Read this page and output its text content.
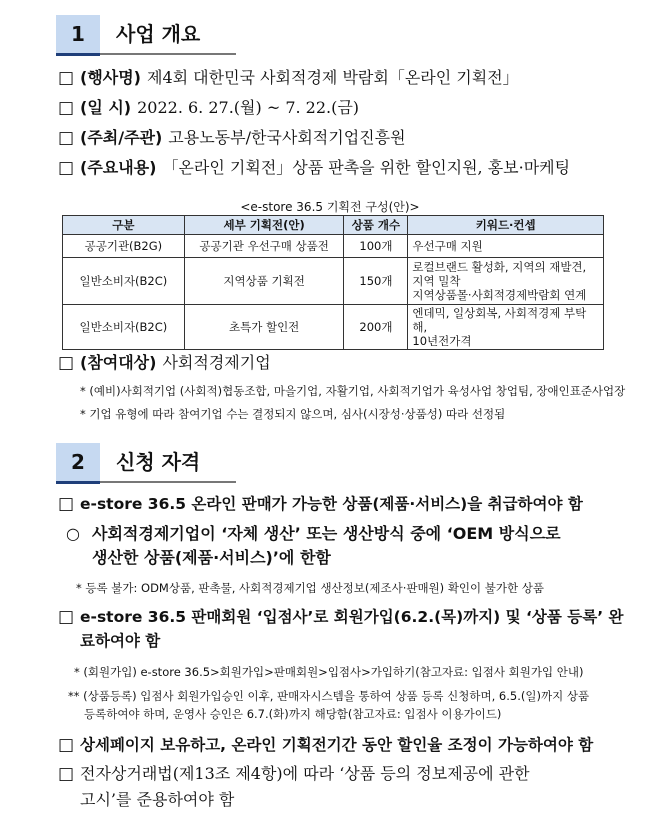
1	사업 개요
□ (행사명) 제4회 대한민국 사회적경제 박람회「온라인 기획전」
□ (일 시) 2022. 6. 27.(월) ~ 7. 22.(금)
□ (주최/주관) 고용노동부/한국사회적기업진흥원
□ (주요내용) 「온라인 기획전」상품 판촉을 위한 할인지원, 홍보·마케팅
<e-store 36.5 기획전 구성(안)>
구분	세부 기획전(안)	상품 개수	키워드·컨셉
공공기관(B2G)	공공기관 우선구매 상품전	100개	우선구매 지원

일반소비자(B2C)	지역상품 기획전	150개	로컬브랜드 활성화, 지역의 재발견,
지역 밀착
지역상품몰·사회적경제박람회 연계

일반소비자(B2C)	초특가 할인전	200개	엔데믹, 일상회복, 사회적경제 부탁해,
10년전가격
□ (참여대상) 사회적경제기업
* (예비)사회적기업 (사회적)협동조합, 마을기업, 자활기업, 사회적기업가 육성사업 창업팀, 장애인표준사업장
* 기업 유형에 따라 참여기업 수는 결정되지 않으며, 심사(시장성·상품성) 따라 선정됨
2	신청 자격
□ e-store 36.5 온라인 판매가 가능한 상품(제품·서비스)을 취급하여야 함
○ 사회적경제기업이 ‘자체 생산’ 또는 생산방식 중에 ‘OEM 방식으로
생산한 상품(제품·서비스)’에 한함
* 등록 불가: ODM상품, 판촉물, 사회적경제기업 생산정보(제조사·판매원) 확인이 불가한 상품
□ e-store 36.5 판매회원 ‘입점사’로 회원가입(6.2.(목)까지) 및 ‘상품 등록’ 완
료하여야 함
* (회원가입) e-store 36.5>회원가입>판매회원>입점사>가입하기(참고자료: 입점사 회원가입 안내)
** (상품등록) 입점사 회원가입승인 이후, 판매자시스템을 통하여 상품 등록 신청하며, 6.5.(일)까지 상품
등록하여야 하며, 운영사 승인은 6.7.(화)까지 해당함(참고자료: 입점사 이용가이드)
□ 상세페이지 보유하고, 온라인 기획전기간 동안 할인율 조정이 가능하여야 함
□ 전자상거래법(제13조 제4항)에 따라 ‘상품 등의 정보제공에 관한
고시’를 준용하여야 함
